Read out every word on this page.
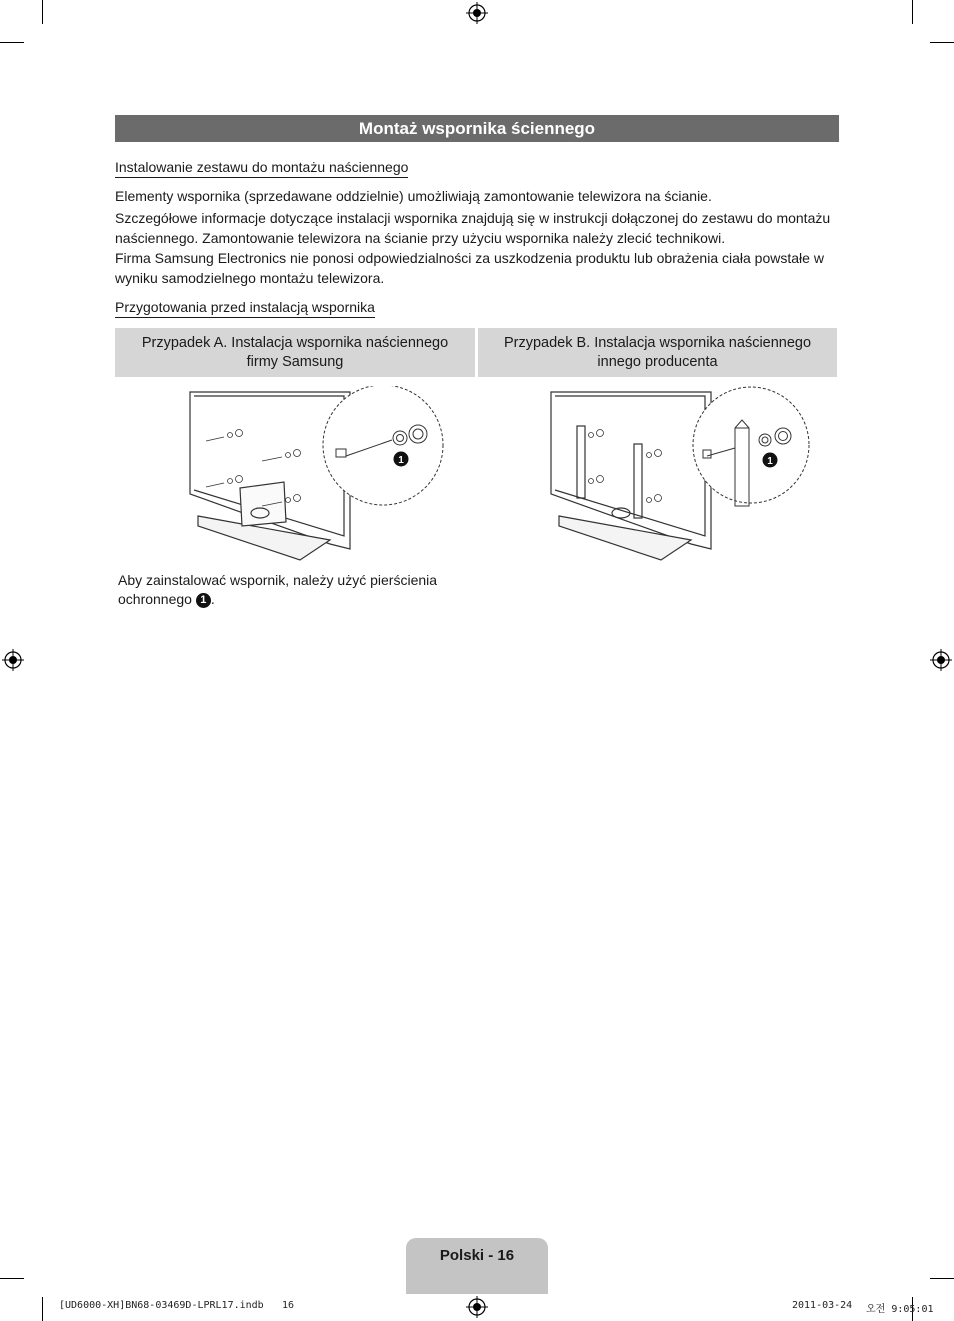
Montaż wspornika ściennego
Instalowanie zestawu do montażu naściennego
Elementy wspornika (sprzedawane oddzielnie) umożliwiają zamontowanie telewizora na ścianie.
Szczegółowe informacje dotyczące instalacji wspornika znajdują się w instrukcji dołączonej do zestawu do montażu naściennego. Zamontowanie telewizora na ścianie przy użyciu wspornika należy zlecić technikowi.
Firma Samsung Electronics nie ponosi odpowiedzialności za uszkodzenia produktu lub obrażenia ciała powstałe w wyniku samodzielnego montażu telewizora.
Przygotowania przed instalacją wspornika
Przypadek A. Instalacja wspornika naściennego firmy Samsung
Przypadek B. Instalacja wspornika naściennego innego producenta
1	1
Aby zainstalować wspornik, należy użyć pierścienia ochronnego 1 .
Polski - 16
[UD6000-XH]BN68-03469D-LPRL17.indb 16	2011-03-24 오전 9:05:01
